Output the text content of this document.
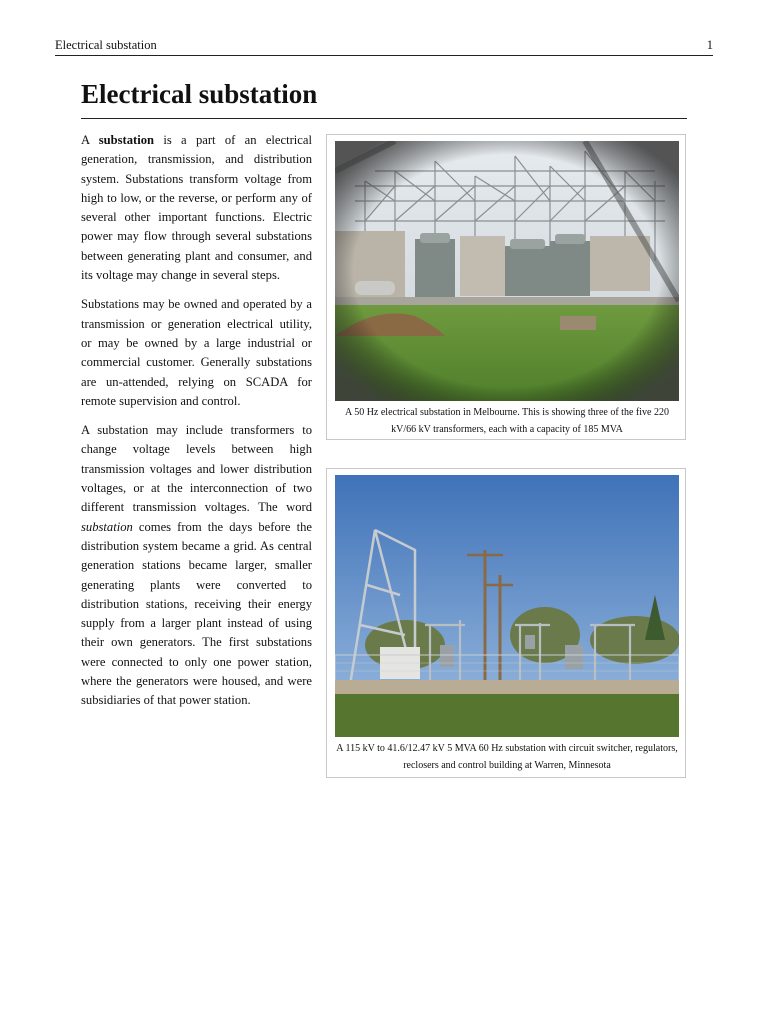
Electrical substation	1
Electrical substation

A substation is a part of an electrical generation, transmission, and distribution system. Substations transform voltage from high to low, or the reverse, or perform any of several other important functions. Electric power may flow through several substations between generating plant and consumer, and its voltage may change in several steps.

Substations may be owned and operated by a transmission or generation electrical utility, or may be owned by a large industrial or commercial customer. Generally substations are un-attended, relying on SCADA for remote supervision and control.

A substation may include transformers to change voltage levels between high transmission voltages and lower distribution voltages, or at the interconnection of two different transmission voltages. The word substation comes from the days before the distribution system became a grid. As central generation stations became larger, smaller generating plants were converted to distribution stations, receiving their energy supply from a larger plant instead of using their own generators. The first substations were connected to only one power station, where the generators were housed, and were subsidiaries of that power station.

A 50 Hz electrical substation in Melbourne. This is showing three of the five 220 kV/66 kV transformers, each with a capacity of 185 MVA
A 115 kV to 41.6/12.47 kV 5 MVA 60 Hz substation with circuit switcher, regulators, reclosers and control building at Warren, Minnesota
